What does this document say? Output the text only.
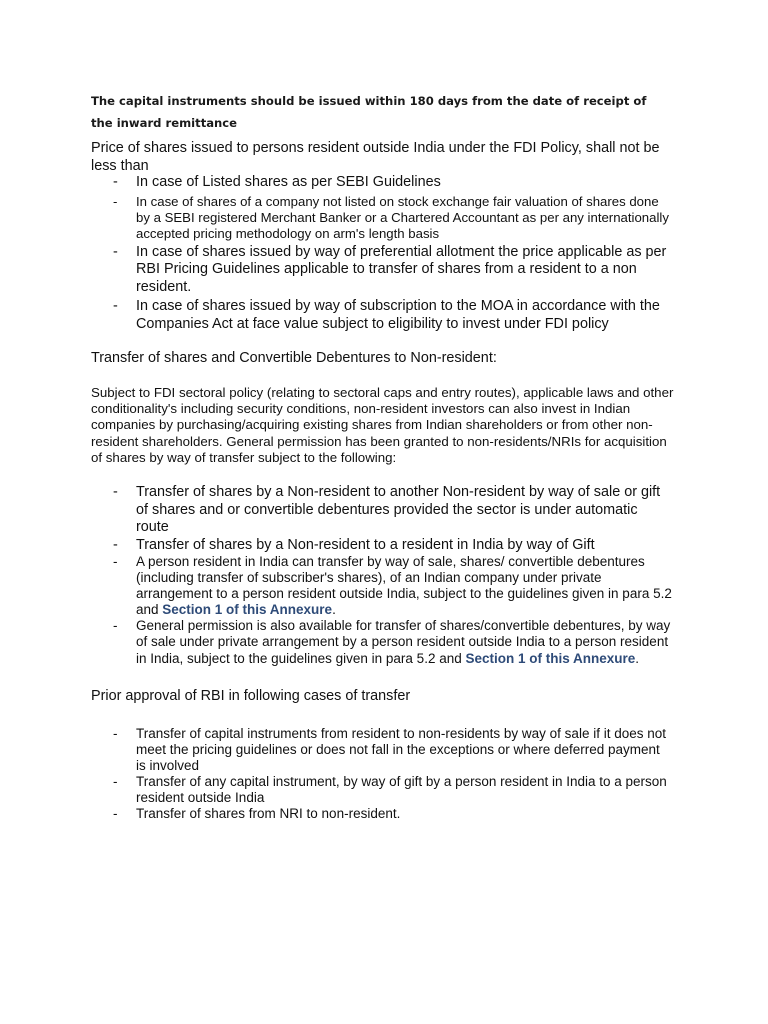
The capital instruments should be issued within 180 days from the date of receipt of the inward remittance
Price of shares issued to persons resident outside India under the FDI Policy, shall not be less than
- In case of Listed shares as per SEBI Guidelines
- In case of shares of a company not listed on stock exchange fair valuation of shares done by a SEBI registered Merchant Banker or a Chartered Accountant as per any internationally accepted pricing methodology on arm's length basis
- In case of shares issued by way of preferential allotment the price applicable as per RBI Pricing Guidelines applicable to transfer of shares from a resident to a non resident.
- In case of shares issued by way of subscription to the MOA in accordance with the Companies Act at face value subject to eligibility to invest under FDI policy
Transfer of shares and Convertible Debentures to Non-resident:
Subject to FDI sectoral policy (relating to sectoral caps and entry routes), applicable laws and other conditionality's including security conditions, non-resident investors can also invest in Indian companies by purchasing/acquiring existing shares from Indian shareholders or from other non-resident shareholders. General permission has been granted to non-residents/NRIs for acquisition of shares by way of transfer subject to the following:
- Transfer of shares by a Non-resident to another Non-resident by way of sale or gift of shares and or convertible debentures provided the sector is under automatic route
- Transfer of shares by a Non-resident to a resident in India by way of Gift
- A person resident in India can transfer by way of sale, shares/ convertible debentures (including transfer of subscriber's shares), of an Indian company under private arrangement to a person resident outside India, subject to the guidelines given in para 5.2 and Section 1 of this Annexure.
- General permission is also available for transfer of shares/convertible debentures, by way of sale under private arrangement by a person resident outside India to a person resident in India, subject to the guidelines given in para 5.2 and Section 1 of this Annexure.
Prior approval of RBI in following cases of transfer
- Transfer of capital instruments from resident to non-residents by way of sale if it does not meet the pricing guidelines or does not fall in the exceptions or where deferred payment is involved
- Transfer of any capital instrument, by way of gift by a person resident in India to a person resident outside India
- Transfer of shares from NRI to non-resident.
